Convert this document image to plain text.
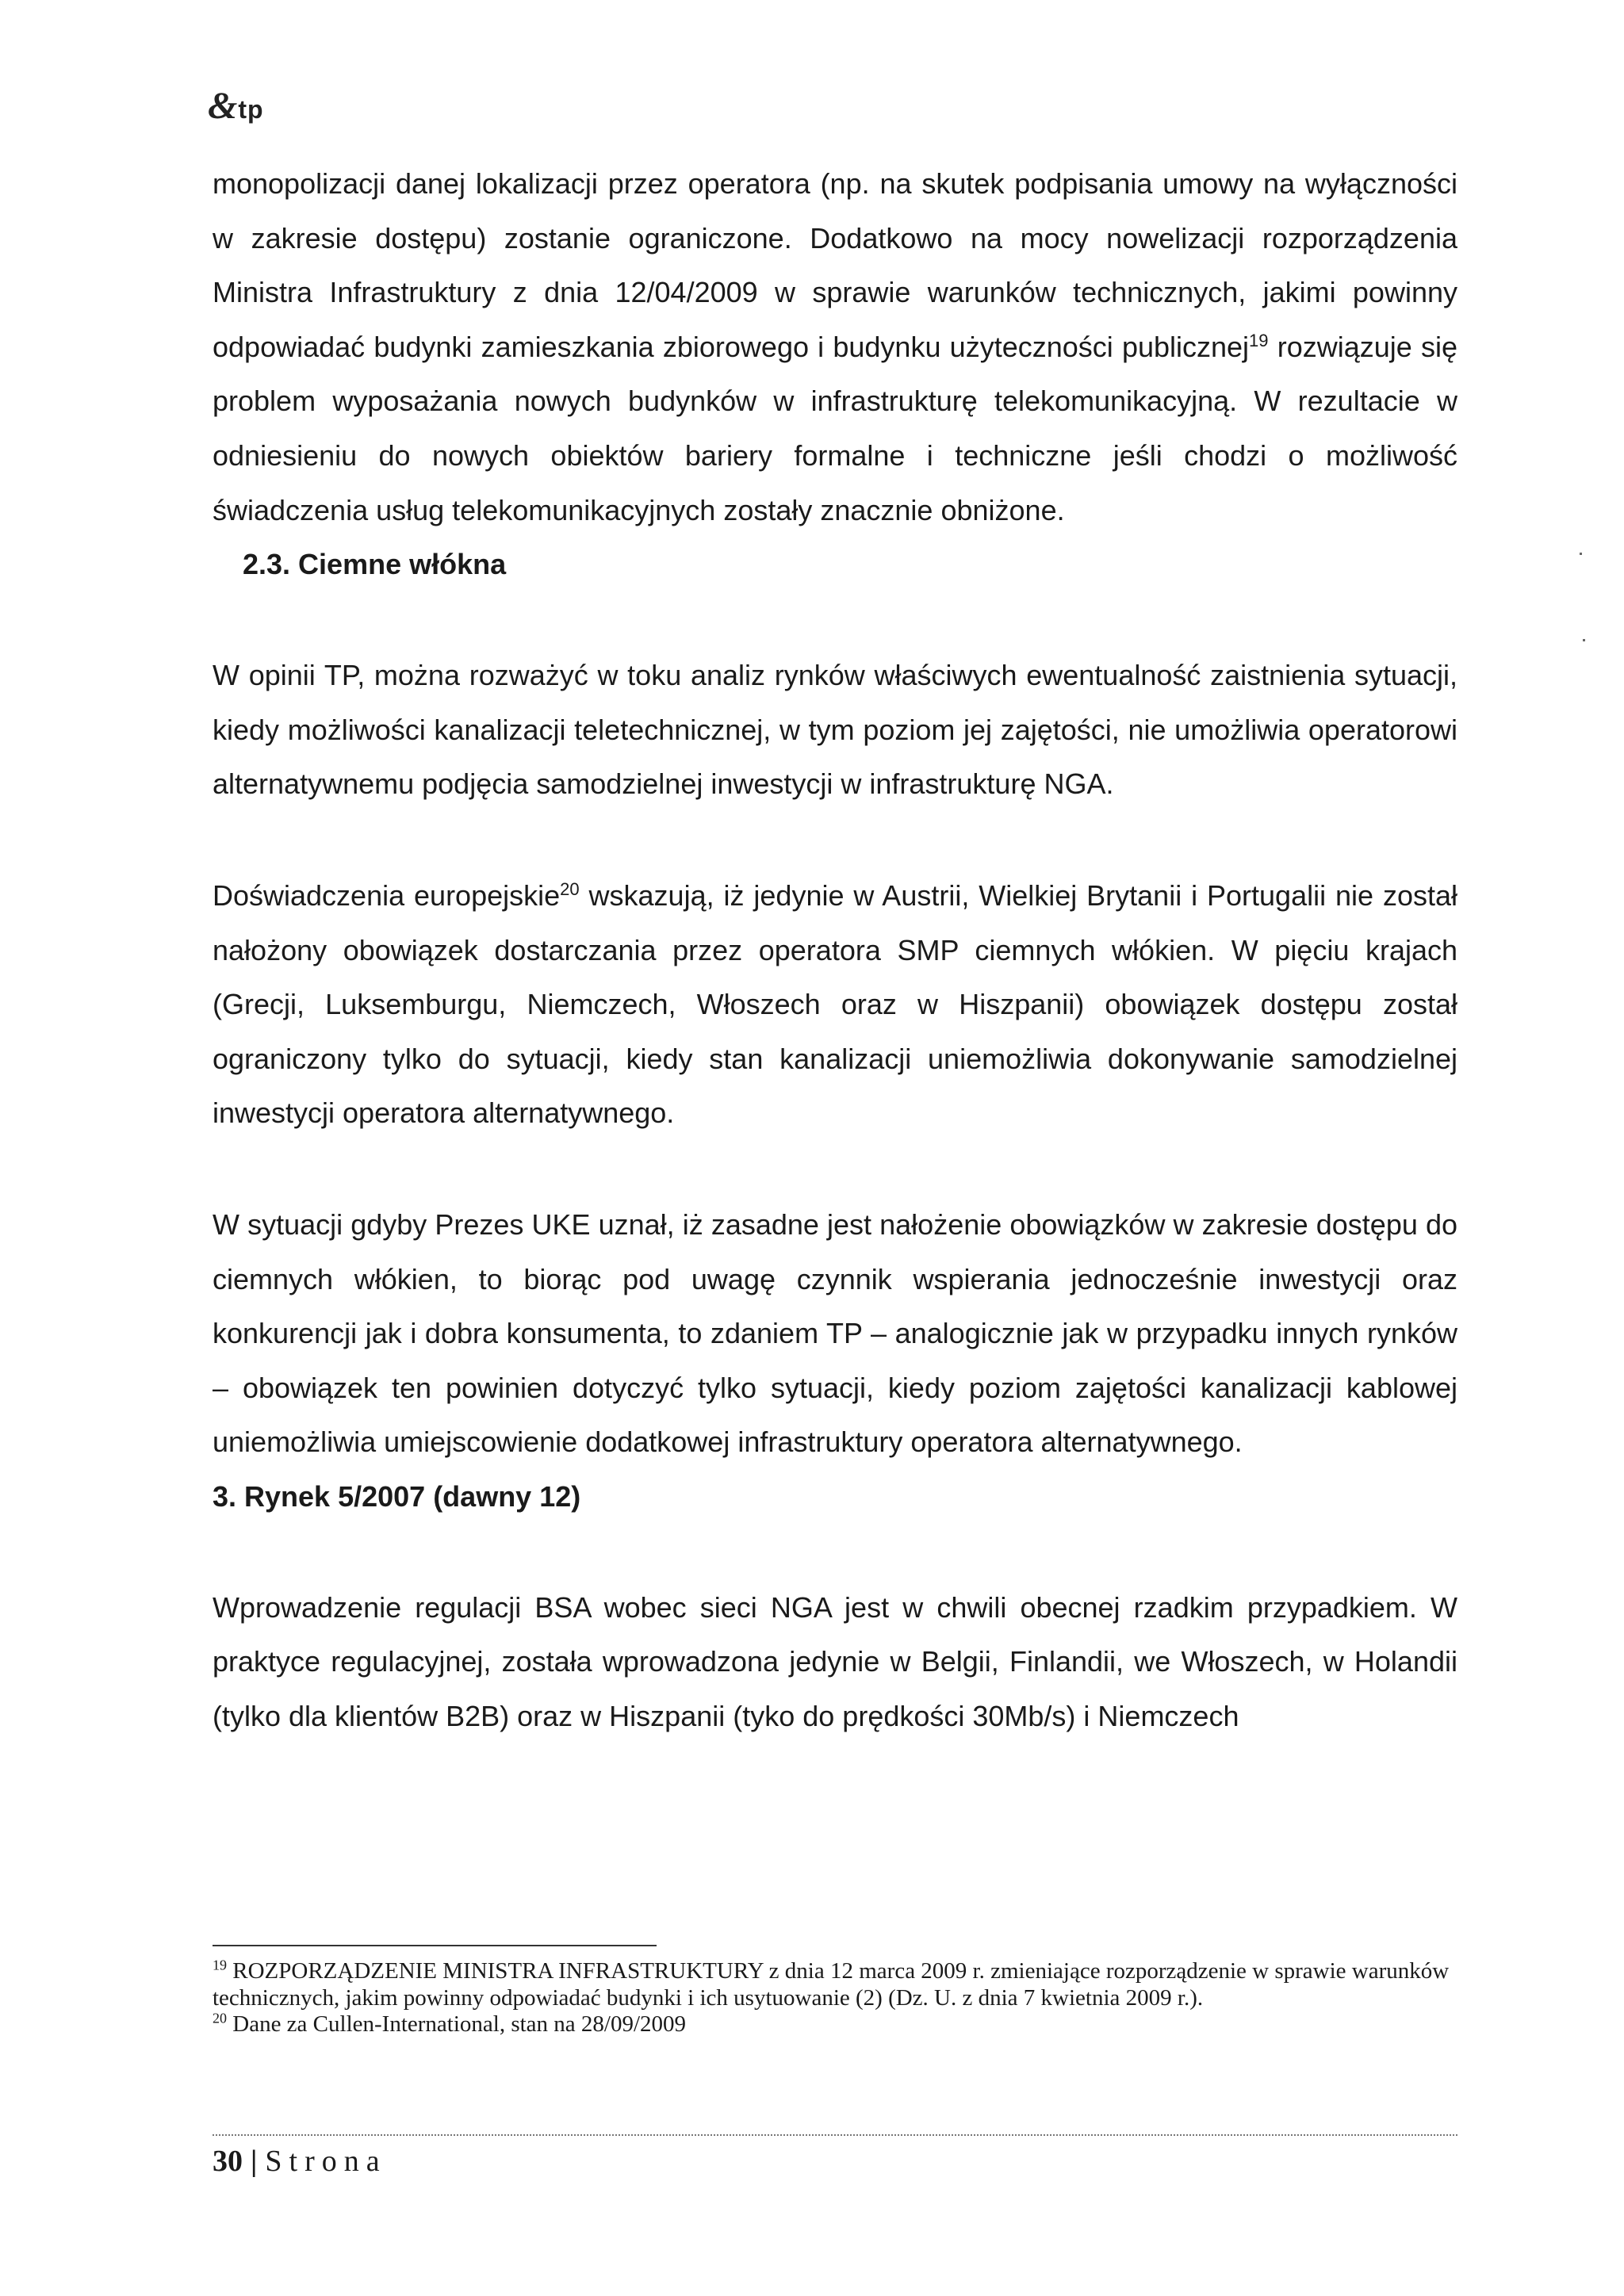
&tp

monopolizacji danej lokalizacji przez operatora (np. na skutek podpisania umowy na wyłączności w zakresie dostępu) zostanie ograniczone. Dodatkowo na mocy nowelizacji rozporządzenia Ministra Infrastruktury z dnia 12/04/2009 w sprawie warunków technicznych, jakimi powinny odpowiadać budynki zamieszkania zbiorowego i budynku użyteczności publicznej$^{19}$ rozwiązuje się problem wyposażania nowych budynków w infrastrukturę telekomunikacyjną. W rezultacie w odniesieniu do nowych obiektów bariery formalne i techniczne jeśli chodzi o możliwość świadczenia usług telekomunikacyjnych zostały znacznie obniżone.

2.3. Ciemne włókna

W opinii TP, można rozważyć w toku analiz rynków właściwych ewentualność zaistnienia sytuacji, kiedy możliwości kanalizacji teletechnicznej, w tym poziom jej zajętości, nie umożliwia operatorowi alternatywnemu podjęcia samodzielnej inwestycji w infrastrukturę NGA.

Doświadczenia europejskie$^{20}$ wskazują, iż jedynie w Austrii, Wielkiej Brytanii i Portugalii nie został nałożony obowiązek dostarczania przez operatora SMP ciemnych włókien. W pięciu krajach (Grecji, Luksemburgu, Niemczech, Włoszech oraz w Hiszpanii) obowiązek dostępu został ograniczony tylko do sytuacji, kiedy stan kanalizacji uniemożliwia dokonywanie samodzielnej inwestycji operatora alternatywnego.

W sytuacji gdyby Prezes UKE uznał, iż zasadne jest nałożenie obowiązków w zakresie dostępu do ciemnych włókien, to biorąc pod uwagę czynnik wspierania jednocześnie inwestycji oraz konkurencji jak i dobra konsumenta, to zdaniem TP – analogicznie jak w przypadku innych rynków – obowiązek ten powinien dotyczyć tylko sytuacji, kiedy poziom zajętości kanalizacji kablowej uniemożliwia umiejscowienie dodatkowej infrastruktury operatora alternatywnego.

3. Rynek 5/2007 (dawny 12)

Wprowadzenie regulacji BSA wobec sieci NGA jest w chwili obecnej rzadkim przypadkiem. W praktyce regulacyjnej, została wprowadzona jedynie w Belgii, Finlandii, we Włoszech, w Holandii (tylko dla klientów B2B) oraz w Hiszpanii (tyko do prędkości 30Mb/s) i Niemczech

$^{19}$ ROZPORZĄDZENIE MINISTRA INFRASTRUKTURY z dnia 12 marca 2009 r. zmieniające rozporządzenie w sprawie warunków technicznych, jakim powinny odpowiadać budynki i ich usytuowanie (2) (Dz. U. z dnia 7 kwietnia 2009 r.).

$^{20}$ Dane za Cullen-International, stan na 28/09/2009

30 | Strona
